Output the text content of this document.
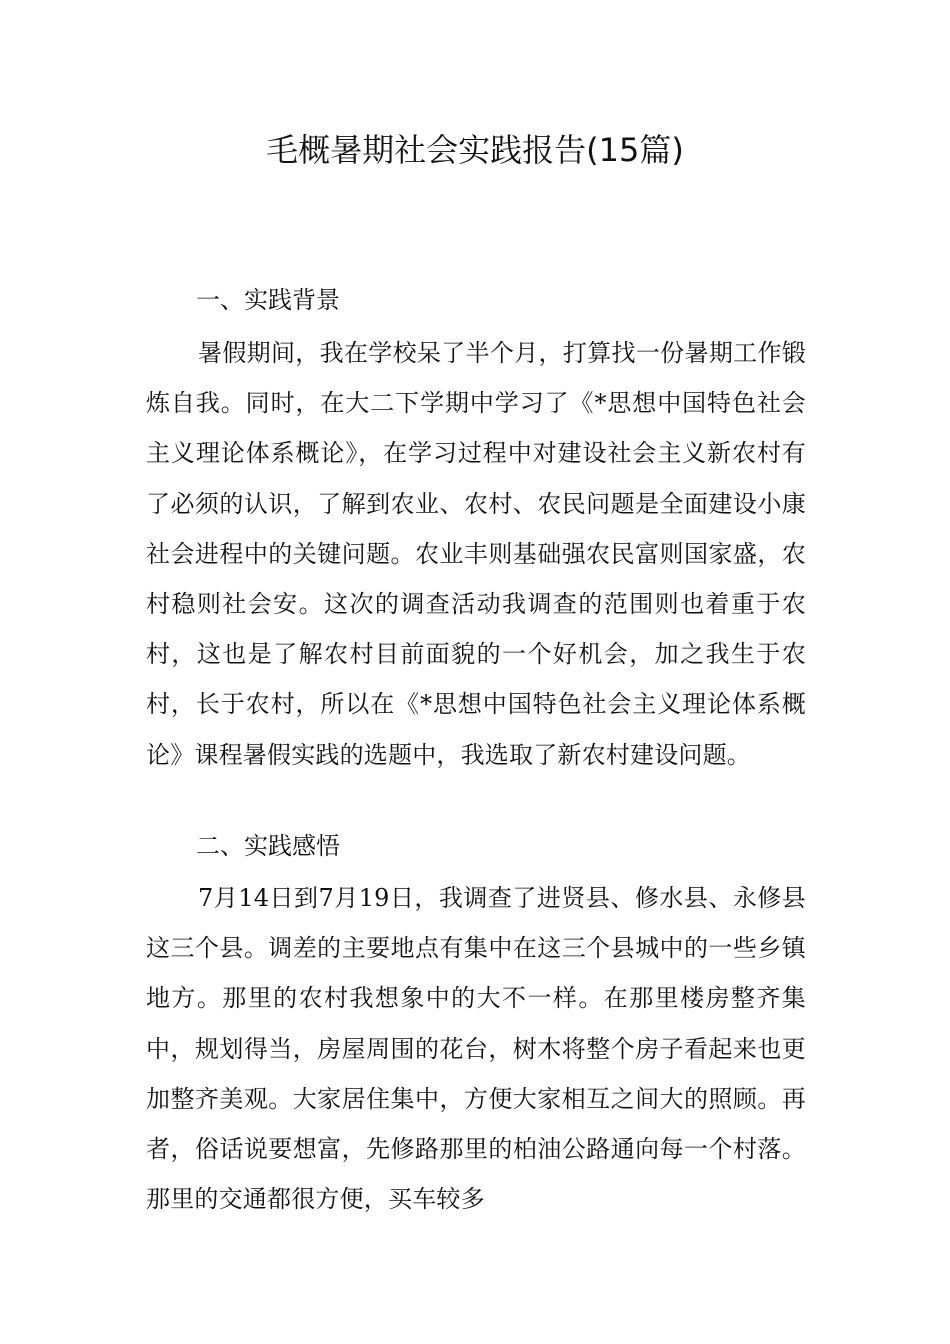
毛概暑期社会实践报告(15篇)
一、实践背景

暑假期间，我在学校呆了半个月，打算找一份暑期工作锻炼自我。同时，在大二下学期中学习了《*思想中国特色社会主义理论体系概论》，在学习过程中对建设社会主义新农村有了必须的认识，了解到农业、农村、农民问题是全面建设小康社会进程中的关键问题。农业丰则基础强农民富则国家盛，农村稳则社会安。这次的调查活动我调查的范围则也着重于农村，这也是了解农村目前面貌的一个好机会，加之我生于农村，长于农村，所以在《*思想中国特色社会主义理论体系概论》课程暑假实践的选题中，我选取了新农村建设问题。

二、实践感悟

7月14日到7月19日，我调查了进贤县、修水县、永修县这三个县。调差的主要地点有集中在这三个县城中的一些乡镇地方。那里的农村我想象中的大不一样。在那里楼房整齐集中，规划得当，房屋周围的花台，树木将整个房子看起来也更加整齐美观。大家居住集中，方便大家相互之间大的照顾。再者，俗话说要想富，先修路那里的柏油公路通向每一个村落。那里的交通都很方便，买车较多
